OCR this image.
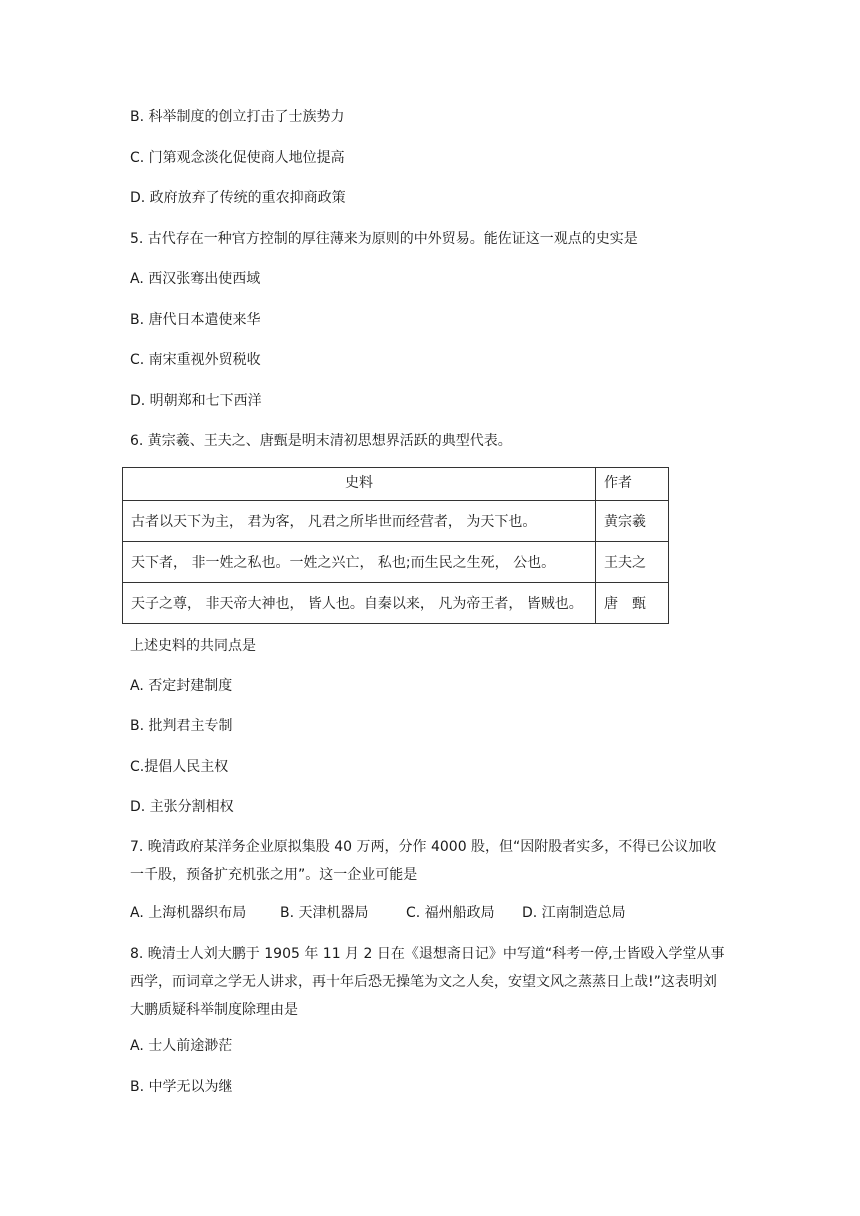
B. 科举制度的创立打击了士族势力
C. 门第观念淡化促使商人地位提高
D. 政府放弃了传统的重农抑商政策
5. 古代存在一种官方控制的厚往薄来为原则的中外贸易。能佐证这一观点的史实是
A. 西汉张骞出使西域
B. 唐代日本遣使来华
C. 南宋重视外贸税收
D. 明朝郑和七下西洋
6. 黄宗羲、王夫之、唐甄是明末清初思想界活跃的典型代表。
史料	作者
古者以天下为主， 君为客， 凡君之所毕世而经营者， 为天下也。	黄宗羲
天下者， 非一姓之私也。一姓之兴亡， 私也;而生民之生死， 公也。	王夫之
天子之尊， 非天帝大神也， 皆人也。自秦以来， 凡为帝王者， 皆贼也。	唐甄
上述史料的共同点是
A. 否定封建制度
B. 批判君主专制
C.提倡人民主权
D. 主张分割相权
7. 晚清政府某洋务企业原拟集股 40 万两，分作 4000 股，但“因附股者实多，不得已公议加收一千股，预备扩充机张之用”。这一企业可能是
A. 上海机器织布局 B. 天津机器局	C. 福州船政局 D. 江南制造总局
8. 晚清士人刘大鹏于 1905 年 11 月 2 日在《退想斋日记》中写道“科考一停,士皆殴入学堂从事西学，而词章之学无人讲求，再十年后恐无操笔为文之人矣，安望文风之蒸蒸日上哉!”这表明刘大鹏质疑科举制度除理由是
A. 士人前途渺茫
B. 中学无以为继
